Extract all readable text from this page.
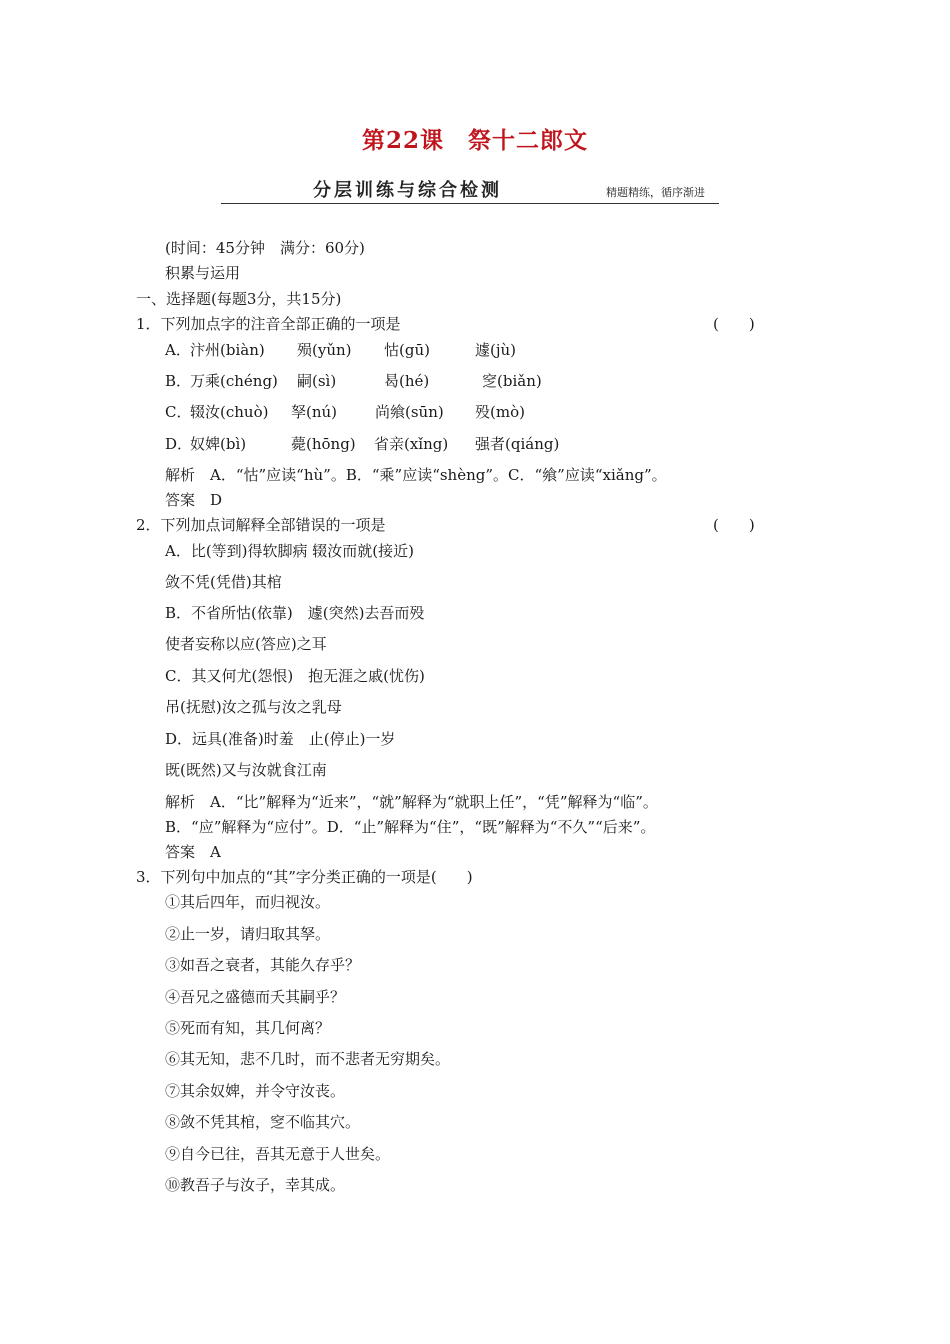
第22课　祭十二郎文
分层训练与综合检测	精题精练，循序渐进
(时间：45分钟　满分：60分)
积累与运用
一、选择题(每题3分，共15分)
1．下列加点字的注音全部正确的一项是	(　　)
A． 汴州(biàn) 殒(yǔn) 怙(gū)	遽(jù)
B．
万乘(chéng) 嗣(sì)	曷(hé)	窆(biǎn)
C．
辍汝(chuò) 孥(nú)	尚飨(sūn) 殁(mò)
D．
奴婢(bì)	薨(hōng) 省亲(xǐng) 强者(qiáng)
解析　A．“怙”应读“hù”。B．“乘”应读“shèng”。C．“飨”应读“xiǎng”。
答案　D
2．下列加点词解释全部错误的一项是	(　　)
A．比(等到)得软脚病 辍汝而就(接近)
敛不凭(凭借)其棺
B．不省所怙(依靠)　遽(突然)去吾而殁
使者妄称以应(答应)之耳
C．其又何尤(怨恨)　抱无涯之戚(忧伤)
吊(抚慰)汝之孤与汝之乳母
D．远具(准备)时羞　止(停止)一岁
既(既然)又与汝就食江南
解析　A．“比”解释为“近来”，“就”解释为“就职上任”，“凭”解释为“临”。
B．“应”解释为“应付”。D．“止”解释为“住”，“既”解释为“不久”“后来”。
答案　A
3．下列句中加点的“其”字分类正确的一项是(　　)
①其后四年，而归视汝。
②止一岁，请归取其孥。
③如吾之衰者，其能久存乎？
④吾兄之盛德而夭其嗣乎？
⑤死而有知，其几何离？
⑥其无知，悲不几时，而不悲者无穷期矣。
⑦其余奴婢，并令守汝丧。
⑧敛不凭其棺，窆不临其穴。
⑨自今已往，吾其无意于人世矣。
⑩教吾子与汝子，幸其成。
